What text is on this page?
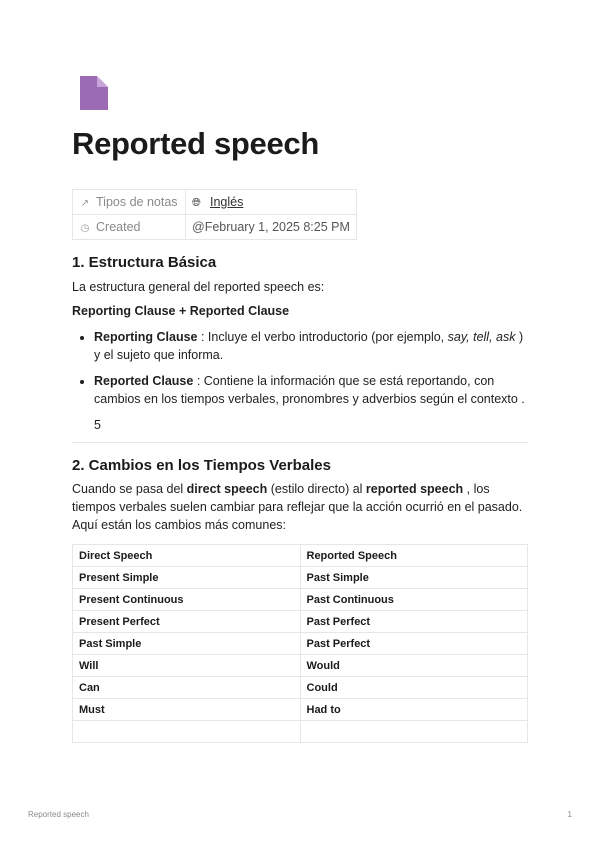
Reported speech
↗ Tipos de notas	🌐︎ Inglés
◷ Created	@February 1, 2025 8:25 PM
1. Estructura Básica

La estructura general del reported speech es:

Reporting Clause + Reported Clause

• Reporting Clause : Incluye el verbo introductorio (por ejemplo, say, tell, ask ) y el sujeto que informa.
• Reported Clause : Contiene la información que se está reportando, con cambios en los tiempos verbales, pronombres y adverbios según el contexto .

5

2. Cambios en los Tiempos Verbales

Cuando se pasa del direct speech (estilo directo) al reported speech , los tiempos verbales suelen cambiar para reflejar que la acción ocurrió en el pasado. Aquí están los cambios más comunes:

Direct Speech	Reported Speech
Present Simple	Past Simple
Present Continuous	Past Continuous
Present Perfect	Past Perfect
Past Simple	Past Perfect
Will	Would
Can	Could
Must	Had to

Reported speech	1
